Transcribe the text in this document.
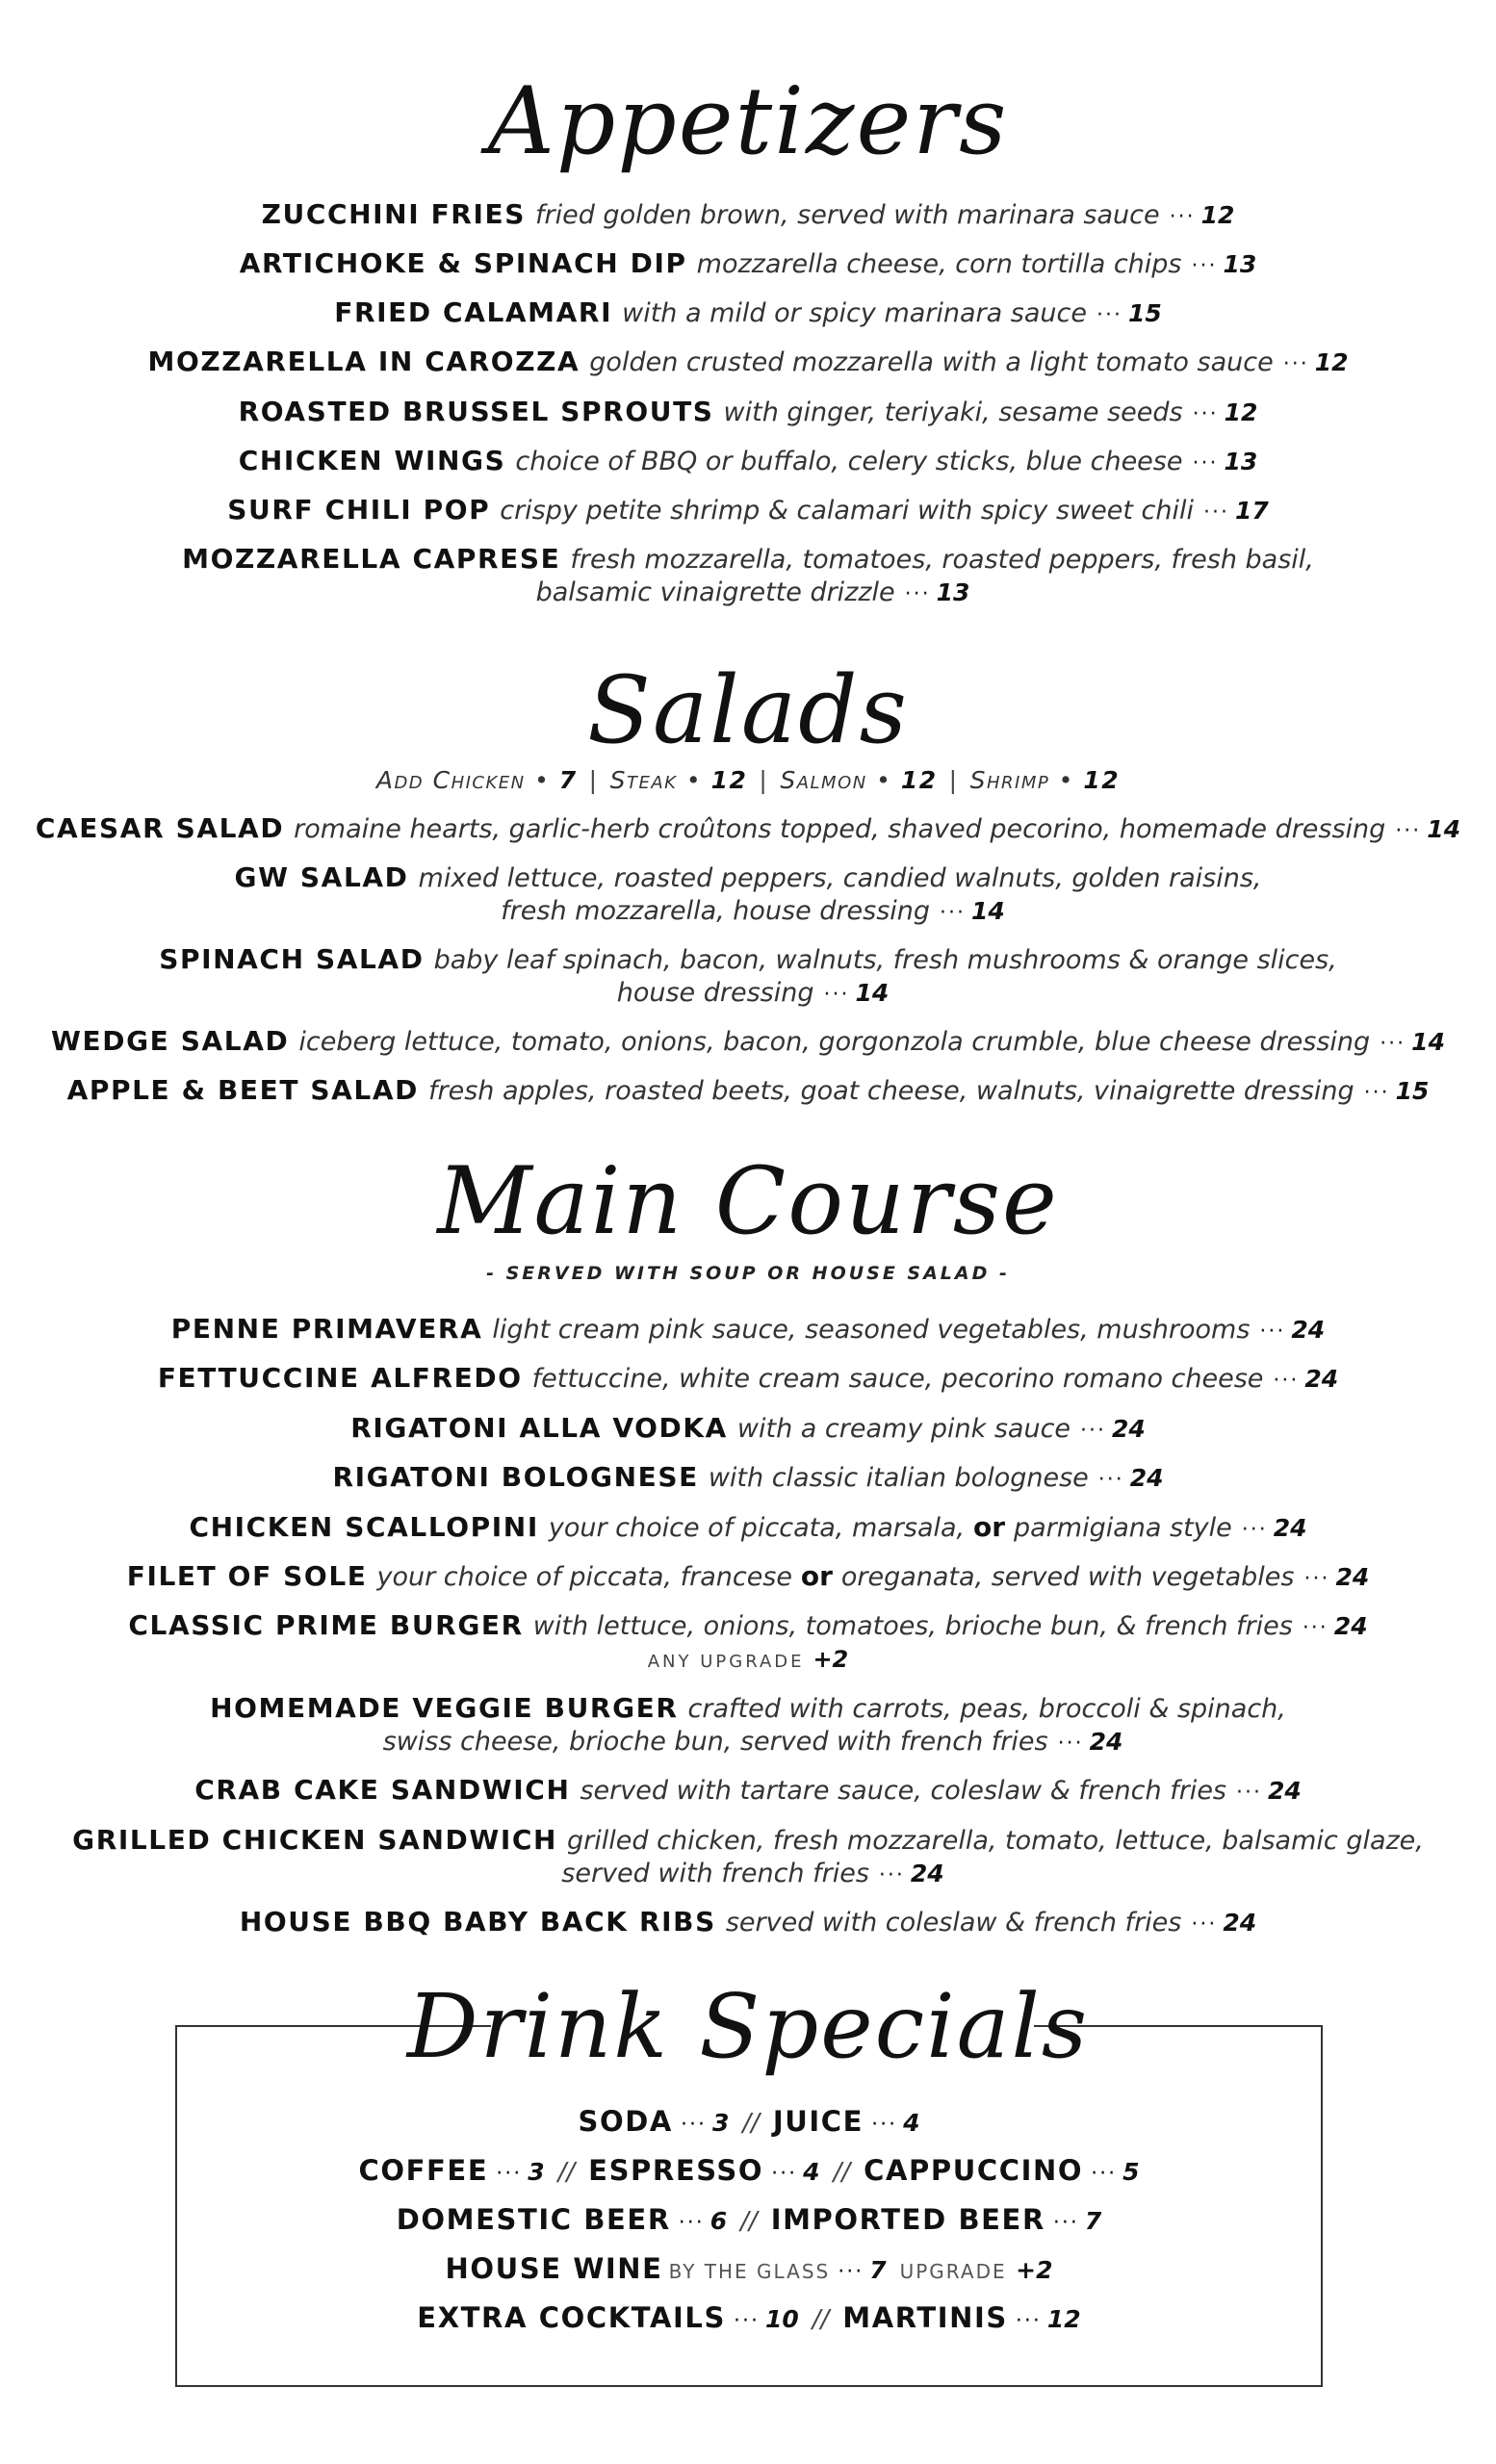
Appetizers
ZUCCHINI FRIES fried golden brown, served with marinara sauce ··· 12
ARTICHOKE & SPINACH DIP mozzarella cheese, corn tortilla chips ··· 13
FRIED CALAMARI with a mild or spicy marinara sauce ··· 15
MOZZARELLA IN CAROZZA golden crusted mozzarella with a light tomato sauce ··· 12
ROASTED BRUSSEL SPROUTS with ginger, teriyaki, sesame seeds ··· 12
CHICKEN WINGS choice of BBQ or buffalo, celery sticks, blue cheese ··· 13
SURF CHILI POP crispy petite shrimp & calamari with spicy sweet chili ··· 17
MOZZARELLA CAPRESE fresh mozzarella, tomatoes, roasted peppers, fresh basil,
balsamic vinaigrette drizzle ··· 13
Salads
Add Chicken • 7 | Steak • 12 | Salmon • 12 | Shrimp • 12
CAESAR SALAD romaine hearts, garlic-herb croûtons topped, shaved pecorino, homemade dressing ··· 14
GW SALAD mixed lettuce, roasted peppers, candied walnuts, golden raisins,
fresh mozzarella, house dressing ··· 14
SPINACH SALAD baby leaf spinach, bacon, walnuts, fresh mushrooms & orange slices,
house dressing ··· 14
WEDGE SALAD iceberg lettuce, tomato, onions, bacon, gorgonzola crumble, blue cheese dressing ··· 14
APPLE & BEET SALAD fresh apples, roasted beets, goat cheese, walnuts, vinaigrette dressing ··· 15
Main Course
- SERVED WITH SOUP OR HOUSE SALAD -
PENNE PRIMAVERA light cream pink sauce, seasoned vegetables, mushrooms ··· 24
FETTUCCINE ALFREDO fettuccine, white cream sauce, pecorino romano cheese ··· 24
RIGATONI ALLA VODKA with a creamy pink sauce ··· 24
RIGATONI BOLOGNESE with classic italian bolognese ··· 24
CHICKEN SCALLOPINI your choice of piccata, marsala, or parmigiana style ··· 24
FILET OF SOLE your choice of piccata, francese or oreganata, served with vegetables ··· 24
CLASSIC PRIME BURGER with lettuce, onions, tomatoes, brioche bun, & french fries ··· 24
ANY UPGRADE +2
HOMEMADE VEGGIE BURGER crafted with carrots, peas, broccoli & spinach,
swiss cheese, brioche bun, served with french fries ··· 24
CRAB CAKE SANDWICH served with tartare sauce, coleslaw & french fries ··· 24
GRILLED CHICKEN SANDWICH grilled chicken, fresh mozzarella, tomato, lettuce, balsamic glaze,
served with french fries ··· 24
HOUSE BBQ BABY BACK RIBS served with coleslaw & french fries ··· 24
Drink Specials
SODA ··· 3 // JUICE ··· 4
COFFEE ··· 3 // ESPRESSO ··· 4 // CAPPUCCINO ··· 5
DOMESTIC BEER ··· 6 // IMPORTED BEER ··· 7
HOUSE WINE BY THE GLASS ··· 7 UPGRADE +2
EXTRA COCKTAILS ··· 10 // MARTINIS ··· 12
